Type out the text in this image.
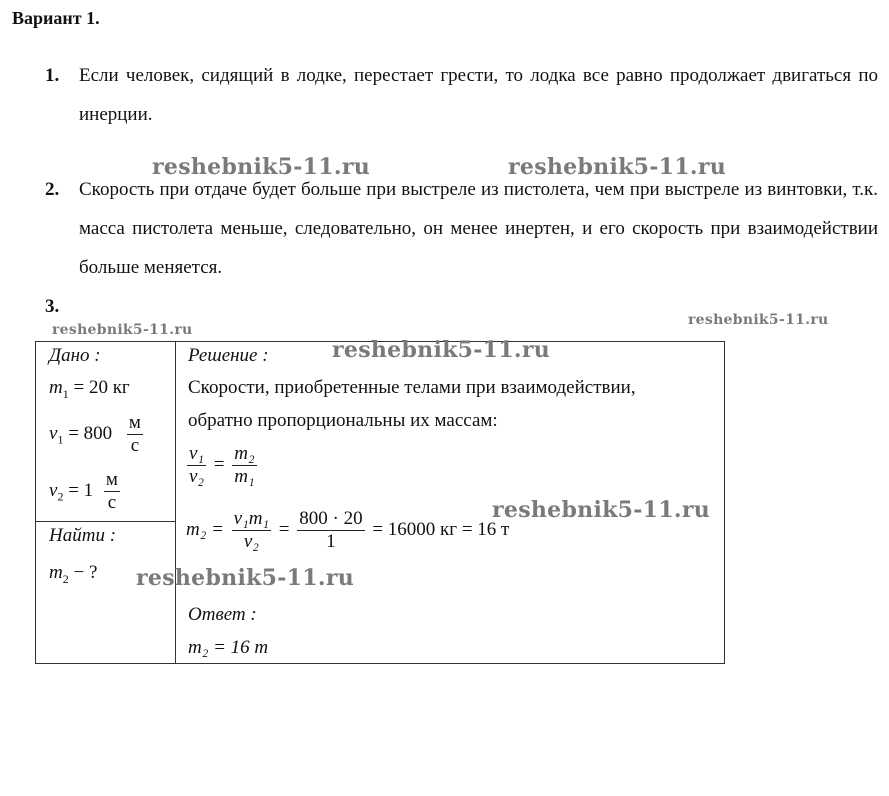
Вариант 1.
1.	Если человек, сидящий в лодке, перестает грести, то лодка все равно продолжает двигаться по инерции.
2.	Скорость при отдаче будет больше при выстреле из пистолета, чем при выстреле из винтовки, т.к. масса пистолета меньше, следовательно, он менее инертен, и его скорость при взаимодействии больше меняется.
3.
reshebnik5-11.ru	reshebnik5-11.ru
reshebnik5-11.ru
reshebnik5-11.ru
Дано :
$m_1 = 20$ кг
$v_1 = 800 \frac{м}{с}$
$v_2 = 1 \frac{м}{с}$
Найти :
$m_2$ − ?
Решение :
Скорости, приобретенные телами при взаимодействии,
обратно пропорциональны их массам:
$\frac{\text{v₁}}{\text{v₂}} = \frac{\text{m₂}}{\text{m₁}}$
$m_2 = \frac{\text{v₁m₁}}{\text{v₂}} = \frac{800 \cdot 20}{1} = 16000$ кг = 16 т
Ответ :
m₂ = 16 т
reshebnik5-11.ru
reshebnik5-11.ru
reshebnik5-11.ru
